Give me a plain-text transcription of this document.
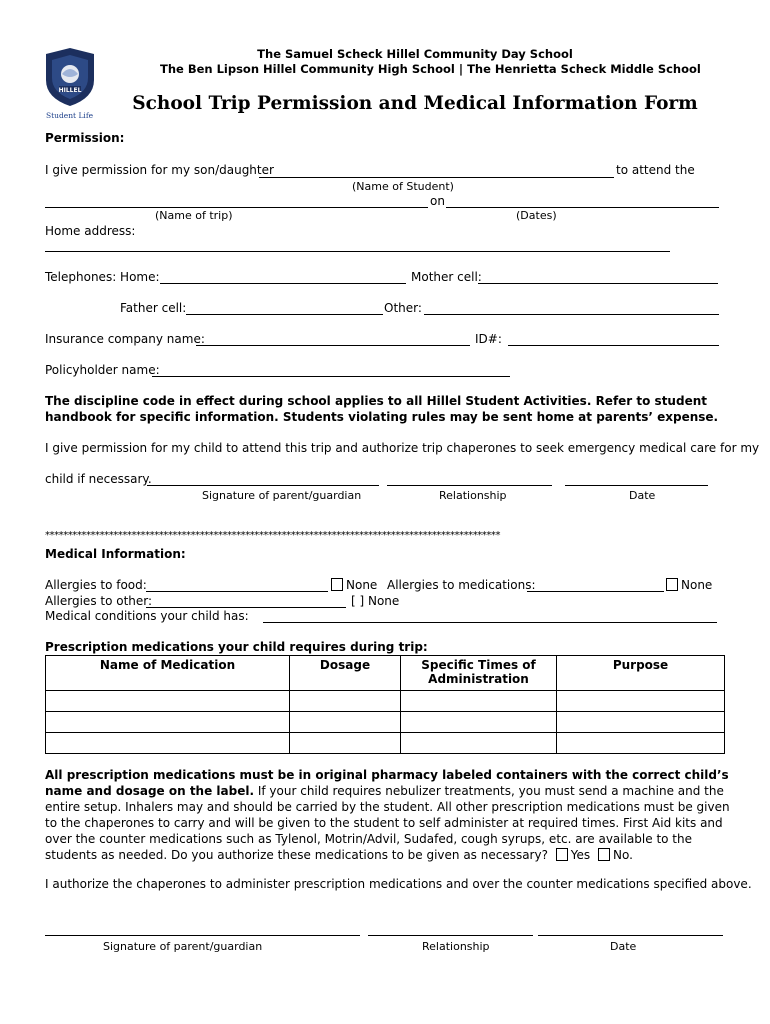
HILLEL
Student Life
The Samuel Scheck Hillel Community Day School
The Ben Lipson Hillel Community High School | The Henrietta Scheck Middle School
School Trip Permission and Medical Information Form
Permission:
I give permission for my son/daughter	to attend the
(Name of Student)
on
(Name of trip)	(Dates)
Home address:
Telephones: Home:	Mother cell:
Father cell:	Other:
Insurance company name:	ID#:
Policyholder name:
The discipline code in effect during school applies to all Hillel Student Activities. Refer to student
handbook for specific information. Students violating rules may be sent home at parents’ expense.
I give permission for my child to attend this trip and authorize trip chaperones to seek emergency medical care for my
child if necessary.
Signature of parent/guardian	Relationship	Date
****************************************************************************************************
Medical Information:
Allergies to food:	None Allergies to medications:	None
Allergies to other:	[ ] None
Medical conditions your child has:
Prescription medications your child requires during trip:
Name of Medication	Dosage	Specific Times of Administration	Purpose

All prescription medications must be in original pharmacy labeled containers with the correct child’s name and dosage on the label. If your child requires nebulizer treatments, you must send a machine and the entire setup. Inhalers may and should be carried by the student. All other prescription medications must be given to the chaperones to carry and will be given to the student to self administer at required times. First Aid kits and over the counter medications such as Tylenol, Motrin/Advil, Sudafed, cough syrups, etc. are available to the students as needed. Do you authorize these medications to be given as necessary? Yes No.
I authorize the chaperones to administer prescription medications and over the counter medications specified above.
Signature of parent/guardian	Relationship	Date
